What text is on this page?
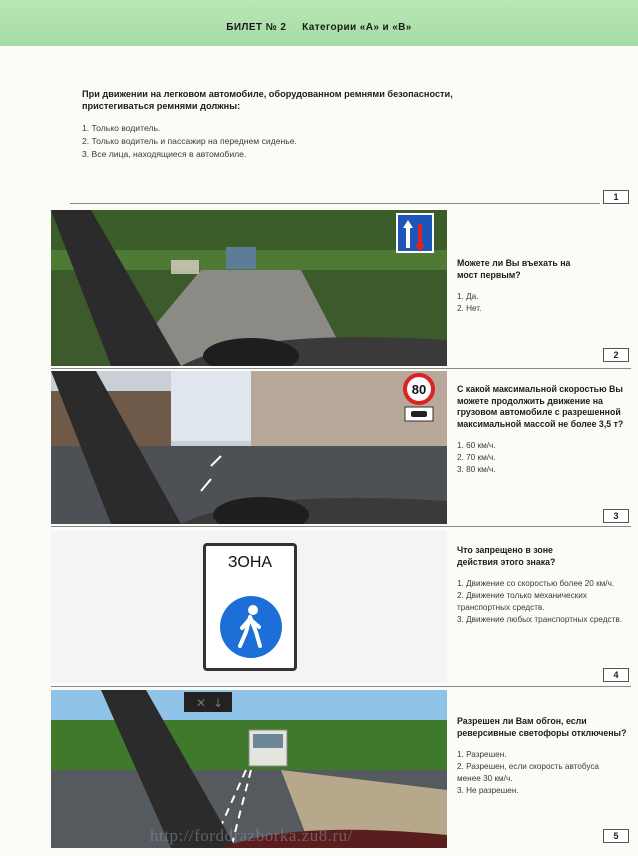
БИЛЕТ № 2     Категории «А» и «В»
При движении на легковом автомобиле, оборудованном ремнями безопасности, пристегиваться ремнями должны:
1. Только водитель.
2. Только водитель и пассажир на переднем сиденье.
3. Все лица, находящиеся в автомобиле.
1
Можете ли Вы въехать на мост первым?
1. Да.
2. Нет.
2
80	С какой максимальной скоростью Вы можете продолжить движение на грузовом автомобиле с разрешенной максимальной массой не более 3,5 т?
1. 60 км/ч.
2. 70 км/ч.
3. 80 км/ч.
3
ЗОНА
Что запрещено в зоне действия этого знака?
1. Движение со скоростью более 20 км/ч.
2. Движение только механических транспортных средств.
3. Движение любых транспортных средств.
4
✕ ↓
Разрешен ли Вам обгон, если реверсивные светофоры отключены?
1. Разрешен.
2. Разрешен, если скорость автобуса менее 30 км/ч.
3. Не разрешен.
5
http://forddrazborka.zu8.ru/
